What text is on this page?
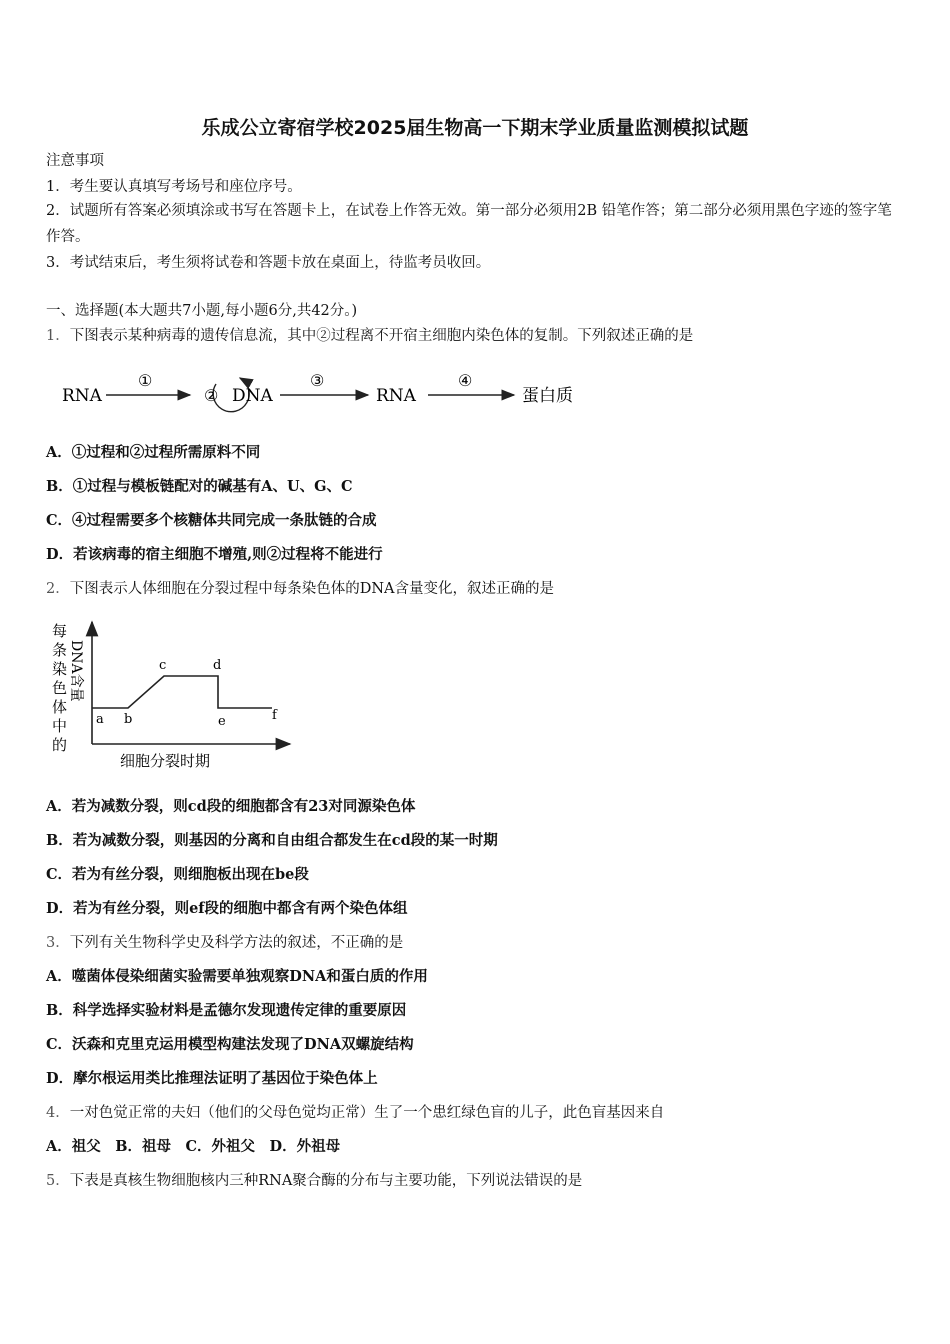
乐成公立寄宿学校2025届生物高一下期末学业质量监测模拟试题
注意事项
1．考生要认真填写考场号和座位序号。
2．试题所有答案必须填涂或书写在答题卡上，在试卷上作答无效。第一部分必须用2B 铅笔作答；第二部分必须用黑色字迹的签字笔作答。
3．考试结束后，考生须将试卷和答题卡放在桌面上，待监考员收回。
一、选择题(本大题共7小题,每小题6分,共42分。)
1．下图表示某种病毒的遗传信息流，其中②过程离不开宿主细胞内染色体的复制。下列叙述正确的是
RNA
①
② DNA
③
RNA
④
蛋白质
A．①过程和②过程所需原料不同
B．①过程与模板链配对的碱基有A、U、G、C
C．④过程需要多个核糖体共同完成一条肽链的合成
D．若该病毒的宿主细胞不增殖,则②过程将不能进行
2．下图表示人体细胞在分裂过程中每条染色体的DNA含量变化，叙述正确的是
每
条
染
色
体
中
的
DNA含量
a b
c	d
e	f
细胞分裂时期
A．若为减数分裂，则cd段的细胞都含有23对同源染色体
B．若为减数分裂，则基因的分离和自由组合都发生在cd段的某一时期
C．若为有丝分裂，则细胞板出现在be段
D．若为有丝分裂，则ef段的细胞中都含有两个染色体组
3．下列有关生物科学史及科学方法的叙述，不正确的是
A．噬菌体侵染细菌实验需要单独观察DNA和蛋白质的作用
B．科学选择实验材料是孟德尔发现遗传定律的重要原因
C．沃森和克里克运用模型构建法发现了DNA双螺旋结构
D．摩尔根运用类比推理法证明了基因位于染色体上
4．一对色觉正常的夫妇（他们的父母色觉均正常）生了一个患红绿色盲的儿子，此色盲基因来自
A．祖父　B．祖母　C．外祖父　D．外祖母
5．下表是真核生物细胞核内三种RNA聚合酶的分布与主要功能，下列说法错误的是
